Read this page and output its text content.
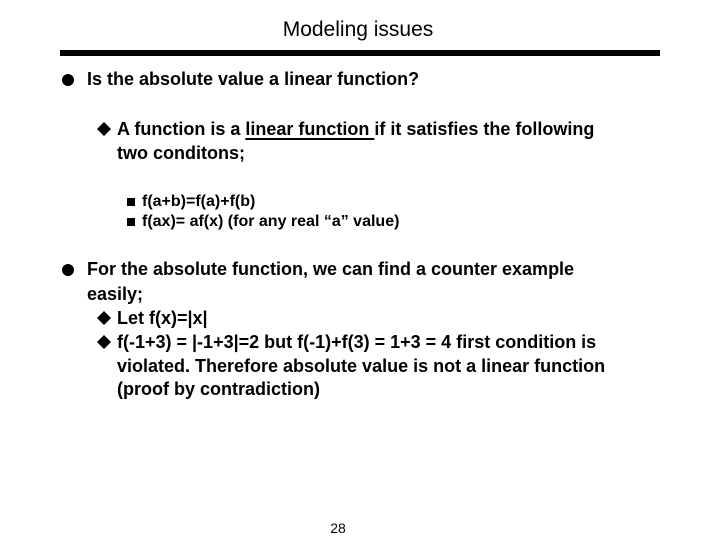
Modeling issues
Is the absolute value a linear function?
A function is a linear function if it satisfies the following
two conditons;
f(a+b)=f(a)+f(b)
f(ax)= af(x) (for any real “a” value)
For the absolute function, we can find a counter example
easily;
Let f(x)=|x|
f(-1+3) = |-1+3|=2 but f(-1)+f(3) = 1+3 = 4 first condition is
violated. Therefore absolute value is not a linear function
(proof by contradiction)
28
